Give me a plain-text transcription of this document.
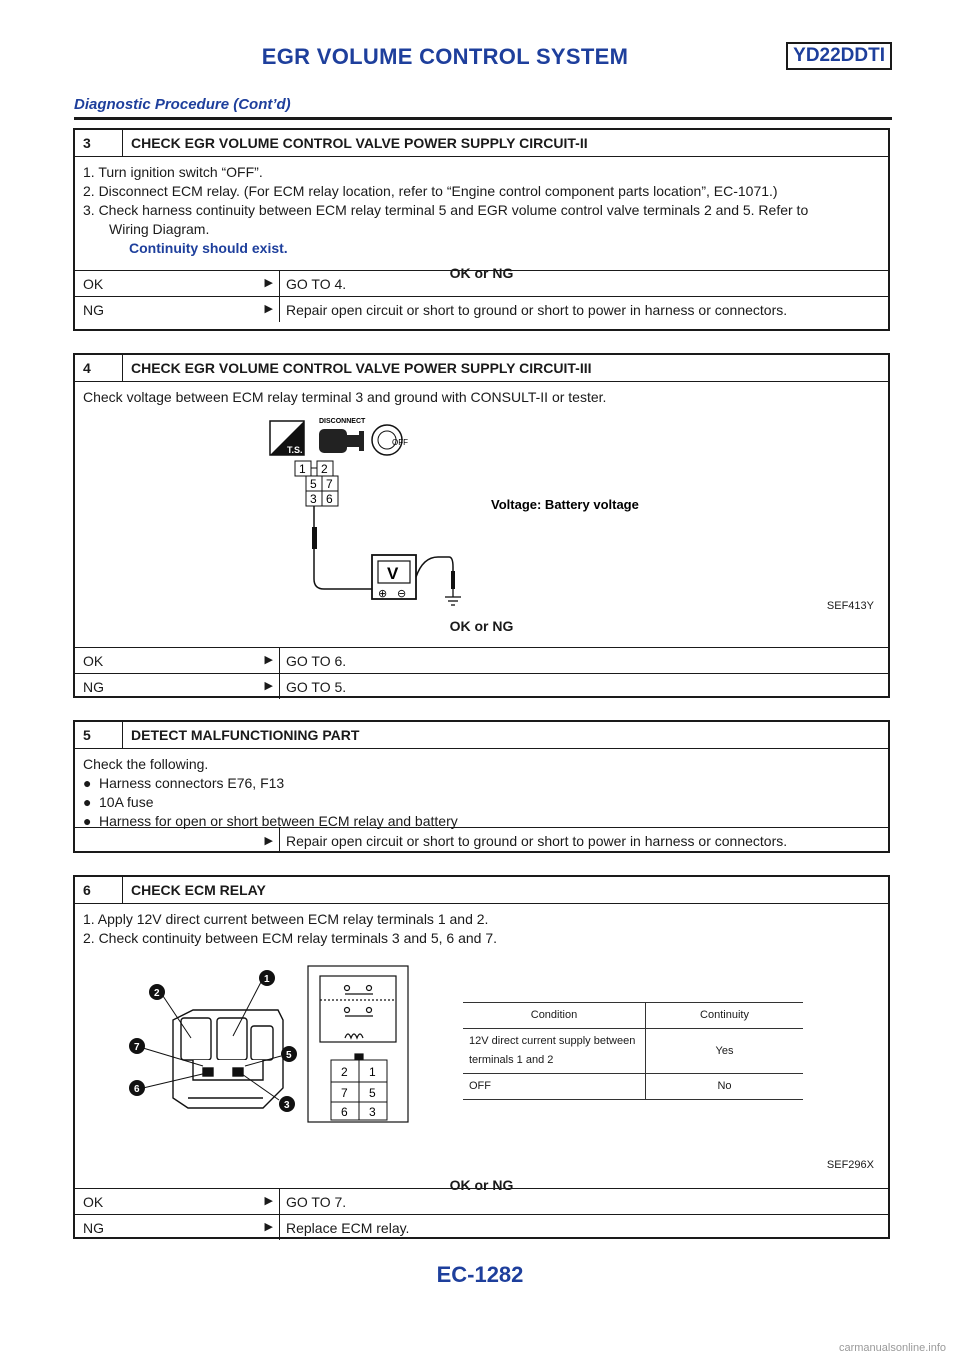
EGR VOLUME CONTROL SYSTEM	YD22DDTI
Diagnostic Procedure (Cont’d)
3	CHECK EGR VOLUME CONTROL VALVE POWER SUPPLY CIRCUIT-II
1. Turn ignition switch “OFF”.
2. Disconnect ECM relay. (For ECM relay location, refer to “Engine control component parts location”, EC-1071.)
3. Check harness continuity between ECM relay terminal 5 and EGR volume control valve terminals 2 and 5. Refer to
Wiring Diagram.
Continuity should exist.
OK or NG
OK	▶ GO TO 4.
NG	▶ Repair open circuit or short to ground or short to power in harness or connectors.
4	CHECK EGR VOLUME CONTROL VALVE POWER SUPPLY CIRCUIT-III
Check voltage between ECM relay terminal 3 and ground with CONSULT-II or tester.
T.S.
DISCONNECT
OFF
1 2
5 7
3 6
V
⊕ ⊖
Voltage: Battery voltage
SEF413Y
OK or NG
OK	▶ GO TO 6.
NG	▶ GO TO 5.
5	DETECT MALFUNCTIONING PART
Check the following.
● Harness connectors E76, F13
● 10A fuse
● Harness for open or short between ECM relay and battery
▶ Repair open circuit or short to ground or short to power in harness or connectors.
6	CHECK ECM RELAY
1. Apply 12V direct current between ECM relay terminals 1 and 2.
2. Check continuity between ECM relay terminals 3 and 5, 6 and 7.
1
2
7
5
6
3
2 1
7 5
6 3
Condition	Continuity
12V direct current supply between terminals 1 and 2	Yes
OFF	No
SEF296X
OK or NG
OK	▶ GO TO 7.
NG	▶ Replace ECM relay.
EC-1282
carmanualsonline.info
